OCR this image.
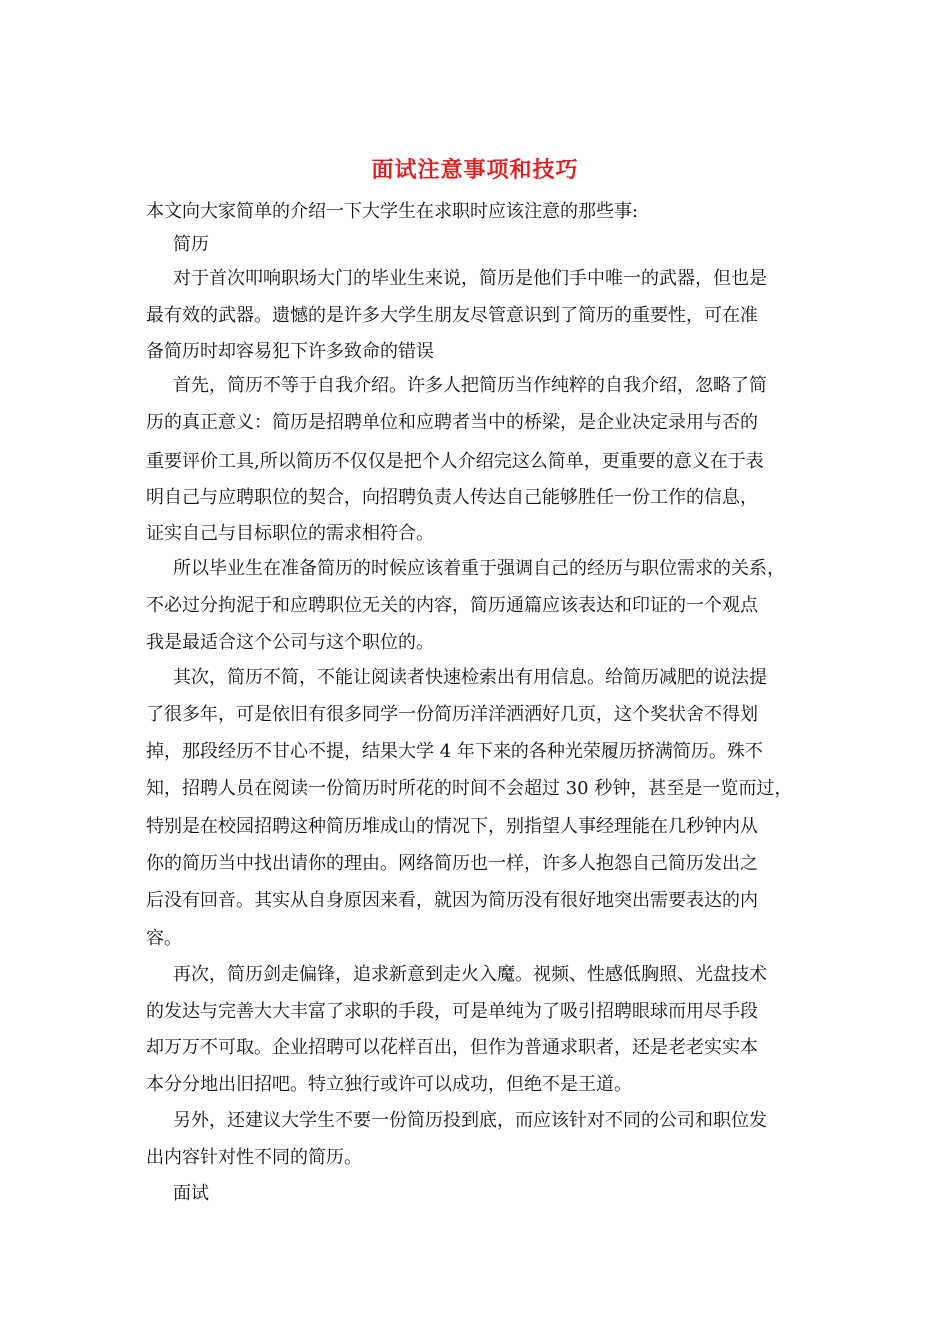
面试注意事项和技巧
本文向大家简单的介绍一下大学生在求职时应该注意的那些事:
简历
对于首次叩响职场大门的毕业生来说，简历是他们手中唯一的武器，但也是
最有效的武器。遗憾的是许多大学生朋友尽管意识到了简历的重要性，可在准
备简历时却容易犯下许多致命的错误
首先，简历不等于自我介绍。许多人把简历当作纯粹的自我介绍，忽略了简
历的真正意义：简历是招聘单位和应聘者当中的桥梁，是企业决定录用与否的
重要评价工具,所以简历不仅仅是把个人介绍完这么简单，更重要的意义在于表
明自己与应聘职位的契合，向招聘负责人传达自己能够胜任一份工作的信息，
证实自己与目标职位的需求相符合。
所以毕业生在准备简历的时候应该着重于强调自己的经历与职位需求的关系，
不必过分拘泥于和应聘职位无关的内容，简历通篇应该表达和印证的一个观点
我是最适合这个公司与这个职位的。
其次，简历不简，不能让阅读者快速检索出有用信息。给简历减肥的说法提
了很多年，可是依旧有很多同学一份简历洋洋洒洒好几页，这个奖状舍不得划
掉，那段经历不甘心不提，结果大学 4 年下来的各种光荣履历挤满简历。殊不
知，招聘人员在阅读一份简历时所花的时间不会超过 30 秒钟，甚至是一览而过，
特别是在校园招聘这种简历堆成山的情况下，别指望人事经理能在几秒钟内从
你的简历当中找出请你的理由。网络简历也一样，许多人抱怨自己简历发出之
后没有回音。其实从自身原因来看，就因为简历没有很好地突出需要表达的内
容。
再次，简历剑走偏锋，追求新意到走火入魔。视频、性感低胸照、光盘技术
的发达与完善大大丰富了求职的手段，可是单纯为了吸引招聘眼球而用尽手段
却万万不可取。企业招聘可以花样百出，但作为普通求职者，还是老老实实本
本分分地出旧招吧。特立独行或许可以成功，但绝不是王道。
另外，还建议大学生不要一份简历投到底，而应该针对不同的公司和职位发
出内容针对性不同的简历。
面试
